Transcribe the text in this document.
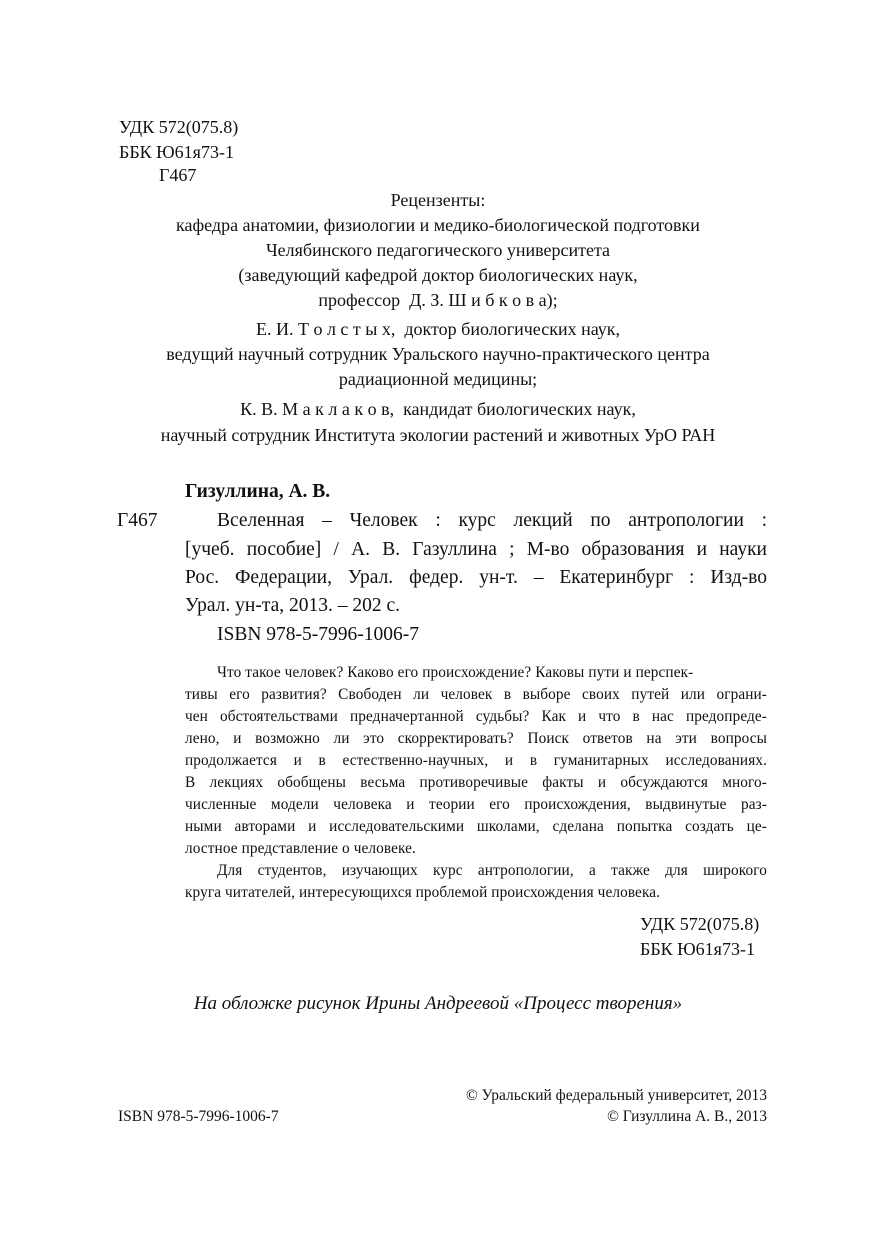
УДК 572(075.8)
ББК Ю61я73-1
Г467
Рецензенты:
кафедра анатомии, физиологии и медико-биологической подготовки
Челябинского педагогического университета
(заведующий кафедрой доктор биологических наук,
профессор Д. З. Ш и б к о в а);
Е. И. Т о л с т ы х, доктор биологических наук,
ведущий научный сотрудник Уральского научно-практического центра
радиационной медицины;
К. В. М а к л а к о в, кандидат биологических наук,
научный сотрудник Института экологии растений и животных УрО РАН
Гизуллина, А. В.
Г467	Вселенная – Человек : курс лекций по антропологии :
[учеб. пособие] / А. В. Газуллина ; М-во образования и науки
Рос. Федерации, Урал. федер. ун-т. – Екатеринбург : Изд-во
Урал. ун-та, 2013. – 202 с.
ISBN 978-5-7996-1006-7
Что такое человек? Каково его происхождение? Каковы пути и перспек-
тивы его развития? Свободен ли человек в выборе своих путей или ограни-
чен обстоятельствами предначертанной судьбы? Как и что в нас предопреде-
лено, и возможно ли это скорректировать? Поиск ответов на эти вопросы
продолжается и в естественно-научных, и в гуманитарных исследованиях.
В лекциях обобщены весьма противоречивые факты и обсуждаются много-
численные модели человека и теории его происхождения, выдвинутые раз-
ными авторами и исследовательскими школами, сделана попытка создать це-
лостное представление о человеке.
Для студентов, изучающих курс антропологии, а также для широкого
круга читателей, интересующихся проблемой происхождения человека.
УДК 572(075.8)
ББК Ю61я73-1
На обложке рисунок Ирины Андреевой «Процесс творения»
ISBN 978-5-7996-1006-7
© Уральский федеральный университет, 2013
© Гизуллина А. В., 2013
